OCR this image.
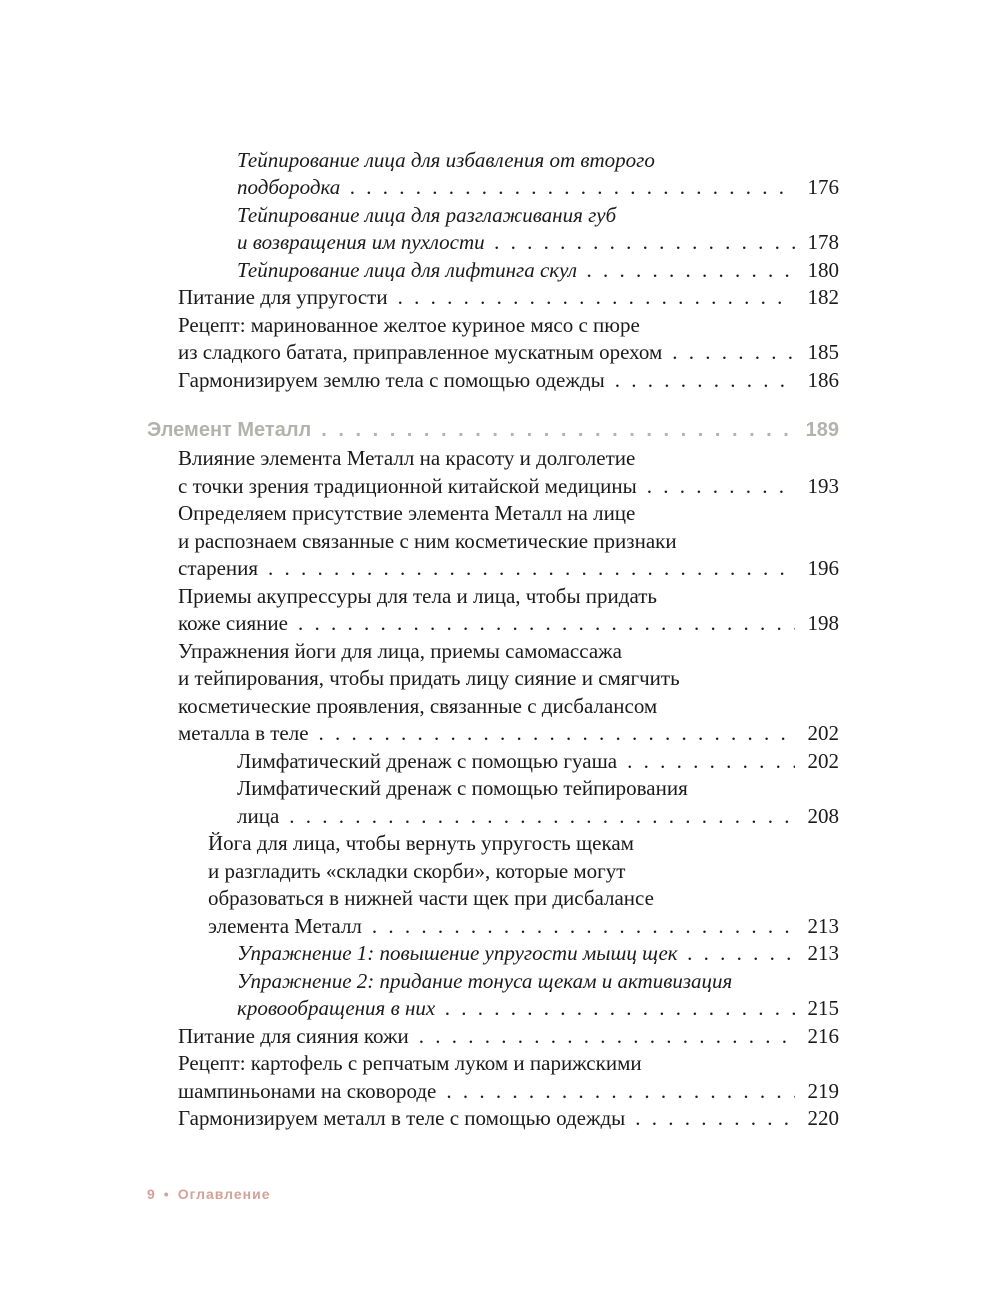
Тейпирование лица для избавления от второго
подбородка . . .	176
Тейпирование лица для разглаживания губ
и возвращения им пухлости . . .	178
Тейпирование лица для лифтинга скул . . .	180
Питание для упругости . . .	182
Рецепт: маринованное желтое куриное мясо с пюре
из сладкого батата, приправленное мускатным орехом . . .	185
Гармонизируем землю тела с помощью одежды . . .	186
Элемент Металл . . .	189
Влияние элемента Металл на красоту и долголетие
с точки зрения традиционной китайской медицины . . .	193
Определяем присутствие элемента Металл на лице
и распознаем связанные с ним косметические признаки
старения . . .	196
Приемы акупрессуры для тела и лица, чтобы придать
коже сияние . . .	198
Упражнения йоги для лица, приемы самомассажа
и тейпирования, чтобы придать лицу сияние и смягчить
косметические проявления, связанные с дисбалансом
металла в теле . . .	202
Лимфатический дренаж с помощью гуаша . . .	202
Лимфатический дренаж с помощью тейпирования
лица . . .	208
Йога для лица, чтобы вернуть упругость щекам
и разгладить «складки скорби», которые могут
образоваться в нижней части щек при дисбалансе
элемента Металл . . .	213
Упражнение 1: повышение упругости мышц щек . . .	213
Упражнение 2: придание тонуса щекам и активизация
кровообращения в них . . .	215
Питание для сияния кожи . . .	216
Рецепт: картофель с репчатым луком и парижскими
шампиньонами на сковороде . . .	219
Гармонизируем металл в теле с помощью одежды . . .	220
9 • Оглавление
